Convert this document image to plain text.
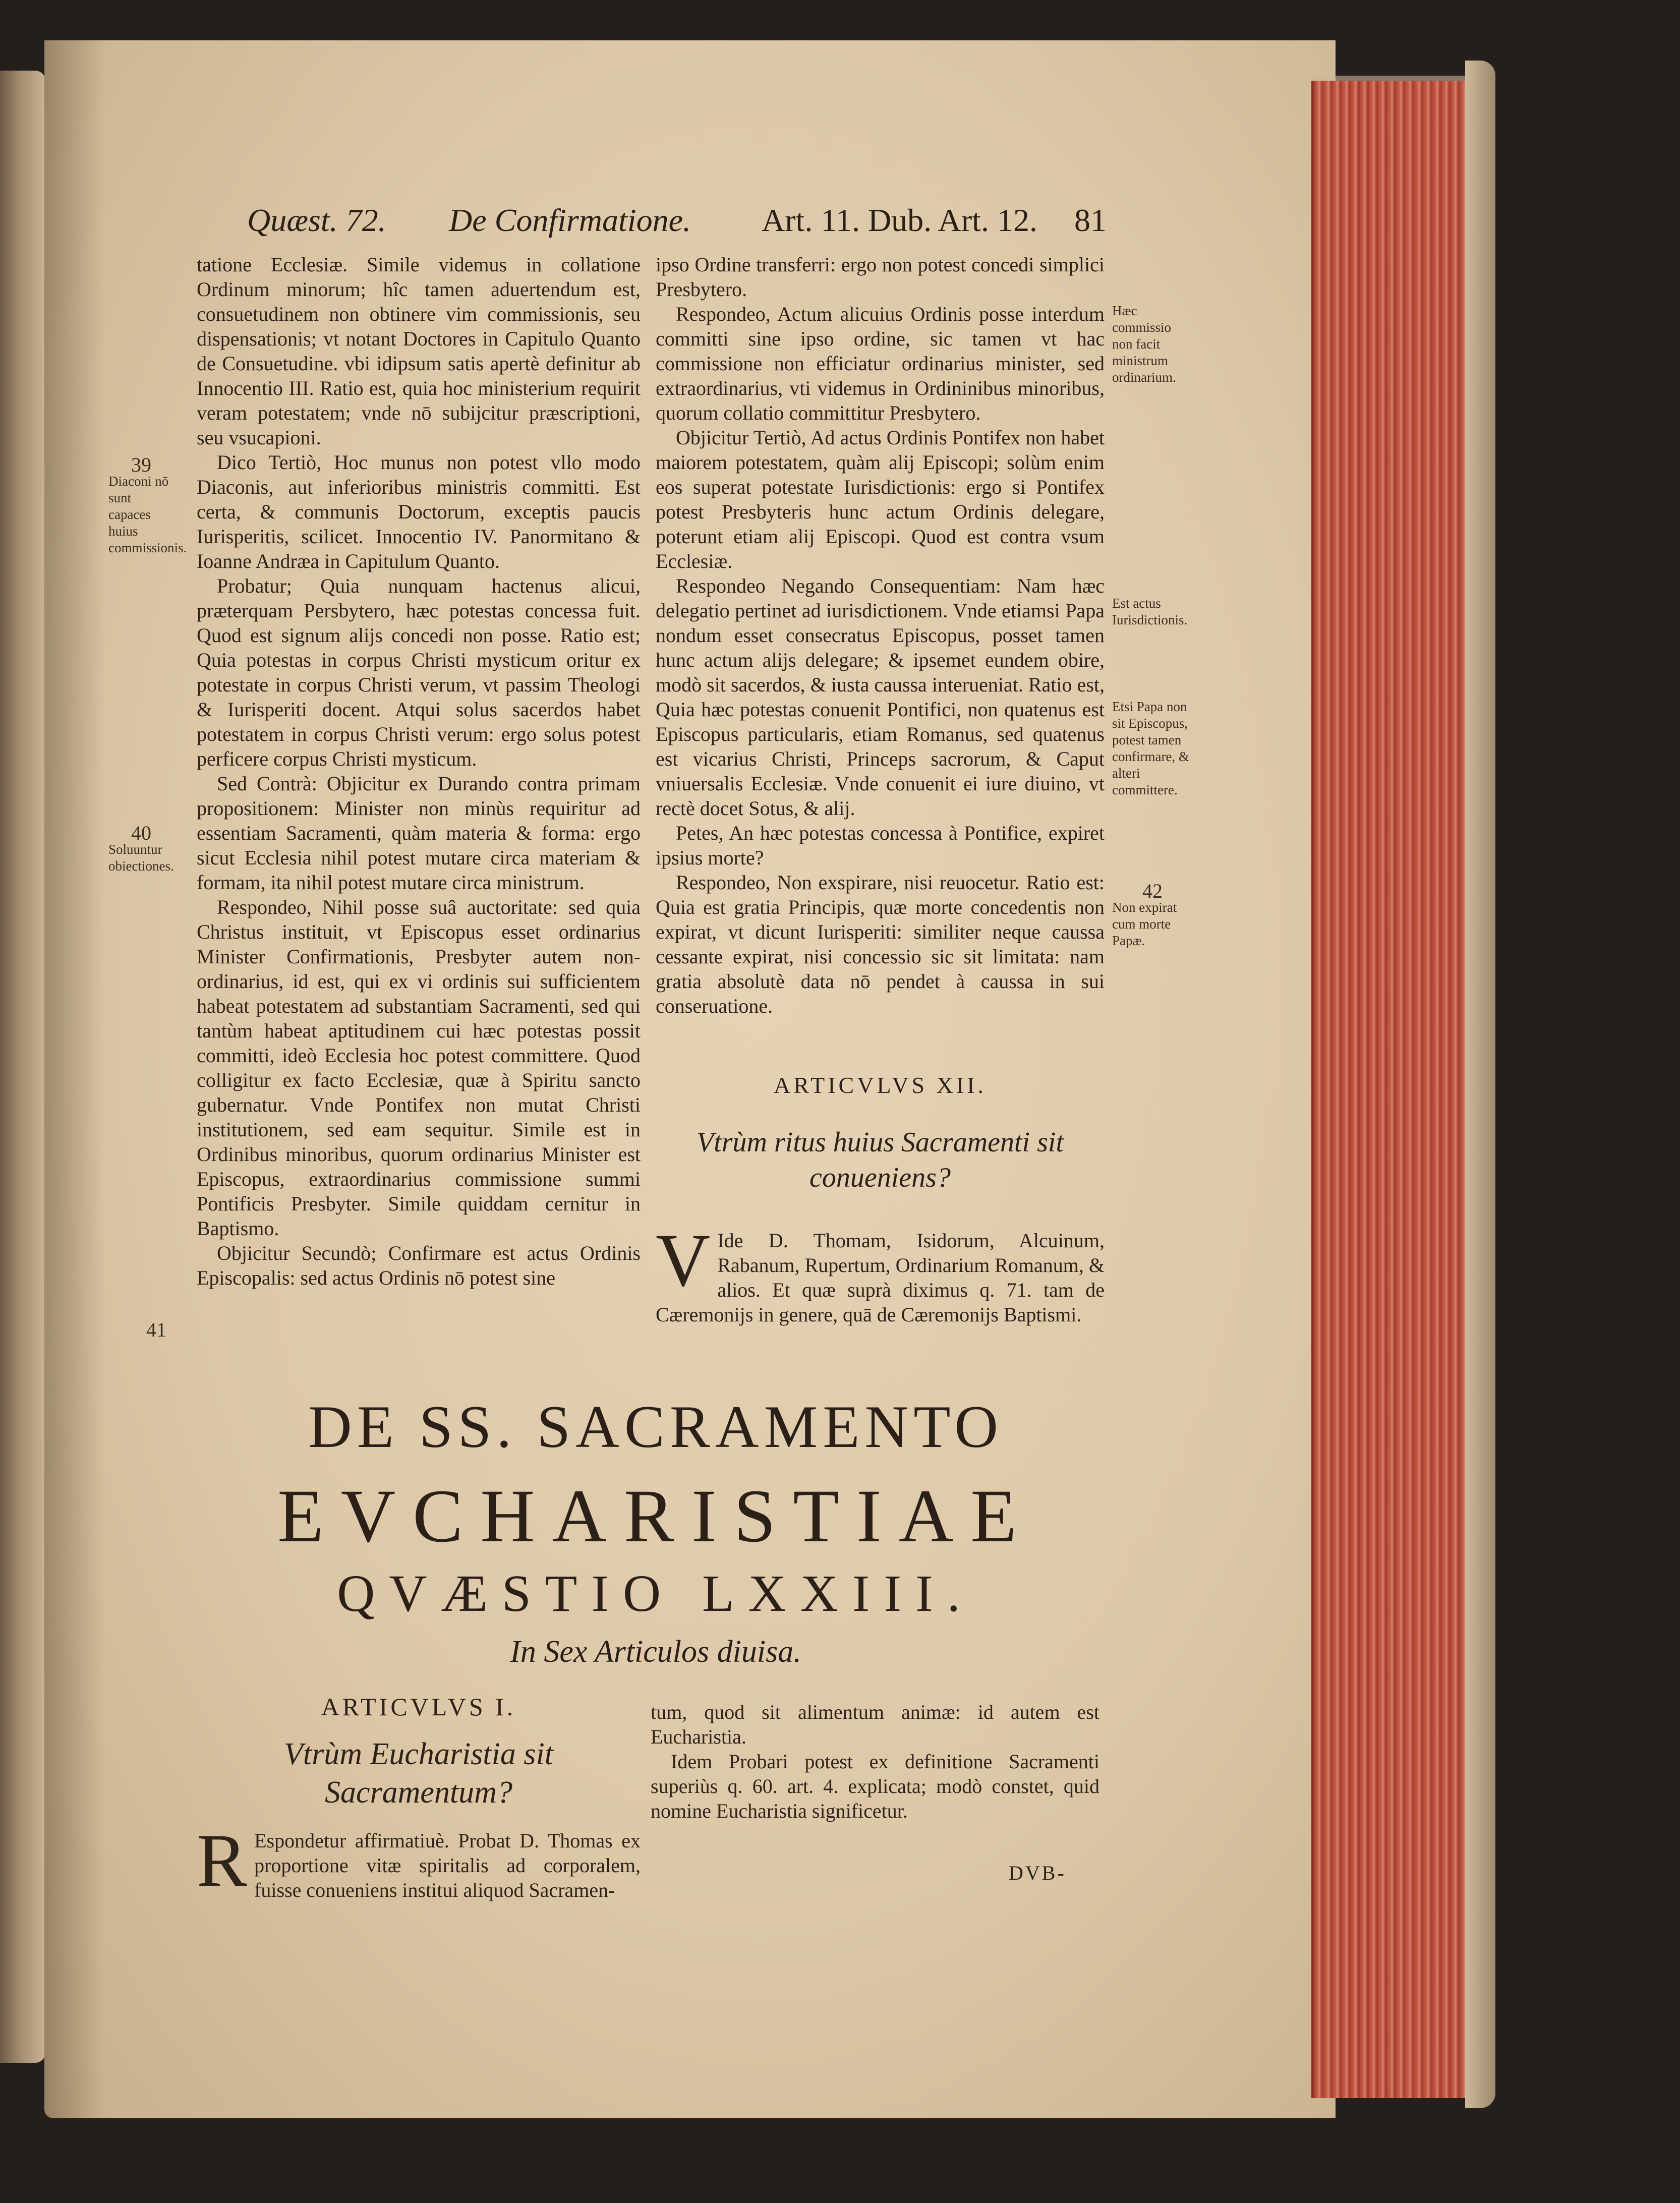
Quæst. 72. De Confirmatione. Art. 11. Dub. Art. 12. 81

tatione Ecclesiæ. Simile videmus in collatione Ordinum minorum; hîc tamen aduertendum est, consuetudinem non obtinere vim commissionis, seu dispensationis; vt notant Doctores in Capitulo Quanto de Consuetudine. vbi idipsum satis apertè definitur ab Innocentio III. Ratio est, quia hoc ministerium requirit veram potestatem; vnde nō subijcitur præscriptioni, seu vsucapioni.

Dico Tertiò, Hoc munus non potest vllo modo Diaconis, aut inferioribus ministris committi. Est certa, & communis Doctorum, exceptis paucis Iurisperitis, scilicet. Innocentio IV. Panormitano & Ioanne Andræa in Capitulum Quanto.

Probatur; Quia nunquam hactenus alicui, præterquam Persbytero, hæc potestas concessa fuit. Quod est signum alijs concedi non posse. Ratio est; Quia potestas in corpus Christi mysticum oritur ex potestate in corpus Christi verum, vt passim Theologi & Iurisperiti docent. Atqui solus sacerdos habet potestatem in corpus Christi verum: ergo solus potest perficere corpus Christi mysticum.

Sed Contrà: Objicitur ex Durando contra primam propositionem: Minister non minùs requiritur ad essentiam Sacramenti, quàm materia & forma: ergo sicut Ecclesia nihil potest mutare circa materiam & formam, ita nihil potest mutare circa ministrum.

Respondeo, Nihil posse suâ auctoritate: sed quia Christus instituit, vt Episcopus esset ordinarius Minister Confirmationis, Presbyter autem non-ordinarius, id est, qui ex vi ordinis sui sufficientem habeat potestatem ad substantiam Sacramenti, sed qui tantùm habeat aptitudinem cui hæc potestas possit committi, ideò Ecclesia hoc potest committere. Quod colligitur ex facto Ecclesiæ, quæ à Spiritu sancto gubernatur. Vnde Pontifex non mutat Christi institutionem, sed eam sequitur. Simile est in Ordinibus minoribus, quorum ordinarius Minister est Episcopus, extraordinarius commissione summi Pontificis Presbyter. Simile quiddam cernitur in Baptismo.

Objicitur Secundò; Confirmare est actus Ordinis Episcopalis: sed actus Ordinis nō potest sine

39
Diaconi nō sunt capaces huius commissionis.
40
Soluuntur obiectiones.
41

ipso Ordine transferri: ergo non potest concedi simplici Presbytero.

Respondeo, Actum alicuius Ordinis posse interdum committi sine ipso ordine, sic tamen vt hac commissione non efficiatur ordinarius minister, sed extraordinarius, vti videmus in Ordininibus minoribus, quorum collatio committitur Presbytero.

Objicitur Tertiò, Ad actus Ordinis Pontifex non habet maiorem potestatem, quàm alij Episcopi; solùm enim eos superat potestate Iurisdictionis: ergo si Pontifex potest Presbyteris hunc actum Ordinis delegare, poterunt etiam alij Episcopi. Quod est contra vsum Ecclesiæ.

Respondeo Negando Consequentiam: Nam hæc delegatio pertinet ad iurisdictionem. Vnde etiamsi Papa nondum esset consecratus Episcopus, posset tamen hunc actum alijs delegare; & ipsemet eundem obire, modò sit sacerdos, & iusta caussa interueniat. Ratio est, Quia hæc potestas conuenit Pontifici, non quatenus est Episcopus particularis, etiam Romanus, sed quatenus est vicarius Christi, Princeps sacrorum, & Caput vniuersalis Ecclesiæ. Vnde conuenit ei iure diuino, vt rectè docet Sotus, & alij.

Petes, An hæc potestas concessa à Pontifice, expiret ipsius morte?

Respondeo, Non exspirare, nisi reuocetur. Ratio est: Quia est gratia Principis, quæ morte concedentis non expirat, vt dicunt Iurisperiti: similiter neque caussa cessante expirat, nisi concessio sic sit limitata: nam gratia absolutè data nō pendet à caussa in sui conseruatione.

ARTICVLVS XII.
Vtrùm ritus huius Sacramenti sit conueniens?

V Ide D. Thomam, Isidorum, Alcuinum, Rabanum, Rupertum, Ordinarium Romanum, & alios. Et quæ suprà diximus q. 71. tam de Cæremonijs in genere, quā de Cæremonijs Baptismi.

Hæc commissio non facit ministrum ordinarium.
Est actus Iurisdictionis.
Etsi Papa non sit Episcopus, potest tamen confirmare, & alteri committere.
42
Non expirat cum morte Papæ.
DE SS. SACRAMENTO
EVCHARISTIAE
QVÆSTIO LXXIII.
In Sex Articulos diuisa.
ARTICVLVS I.
Vtrùm Eucharistia sit Sacramentum?

R Espondetur affirmatiuè. Probat D. Thomas ex proportione vitæ spiritalis ad corporalem, fuisse conueniens institui aliquod Sacramen-

tum, quod sit alimentum animæ: id autem est Eucharistia.

Idem Probari potest ex definitione Sacramenti superiùs q. 60. art. 4. explicata; modò constet, quid nomine Eucharistia significetur.

DVB-
